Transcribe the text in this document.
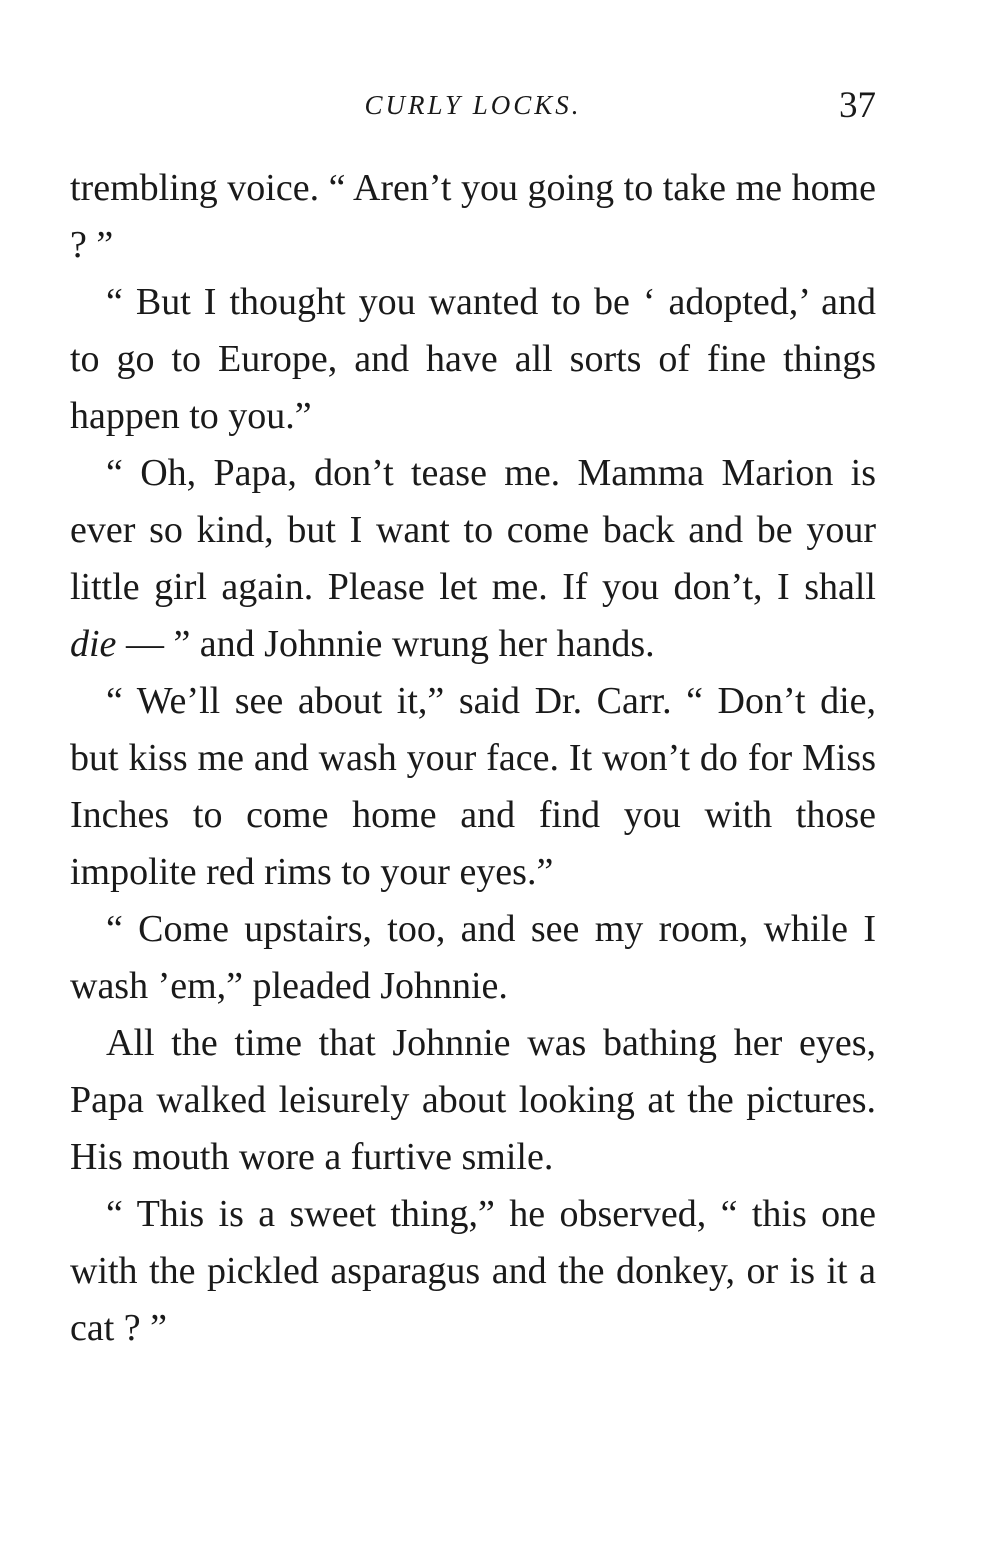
CURLY LOCKS.	37

trembling voice. “ Aren’t you going to take me home ? ”

“ But I thought you wanted to be ‘ adopted,’ and to go to Europe, and have all sorts of fine things happen to you.”

“ Oh, Papa, don’t tease me. Mamma Marion is ever so kind, but I want to come back and be your little girl again. Please let me. If you don’t, I shall die — ” and Johnnie wrung her hands.

“ We’ll see about it,” said Dr. Carr. “ Don’t die, but kiss me and wash your face. It won’t do for Miss Inches to come home and find you with those impolite red rims to your eyes.”

“ Come upstairs, too, and see my room, while I wash ’em,” pleaded Johnnie.

All the time that Johnnie was bathing her eyes, Papa walked leisurely about looking at the pictures. His mouth wore a furtive smile.

“ This is a sweet thing,” he observed, “ this one with the pickled asparagus and the donkey, or is it a cat ? ”
